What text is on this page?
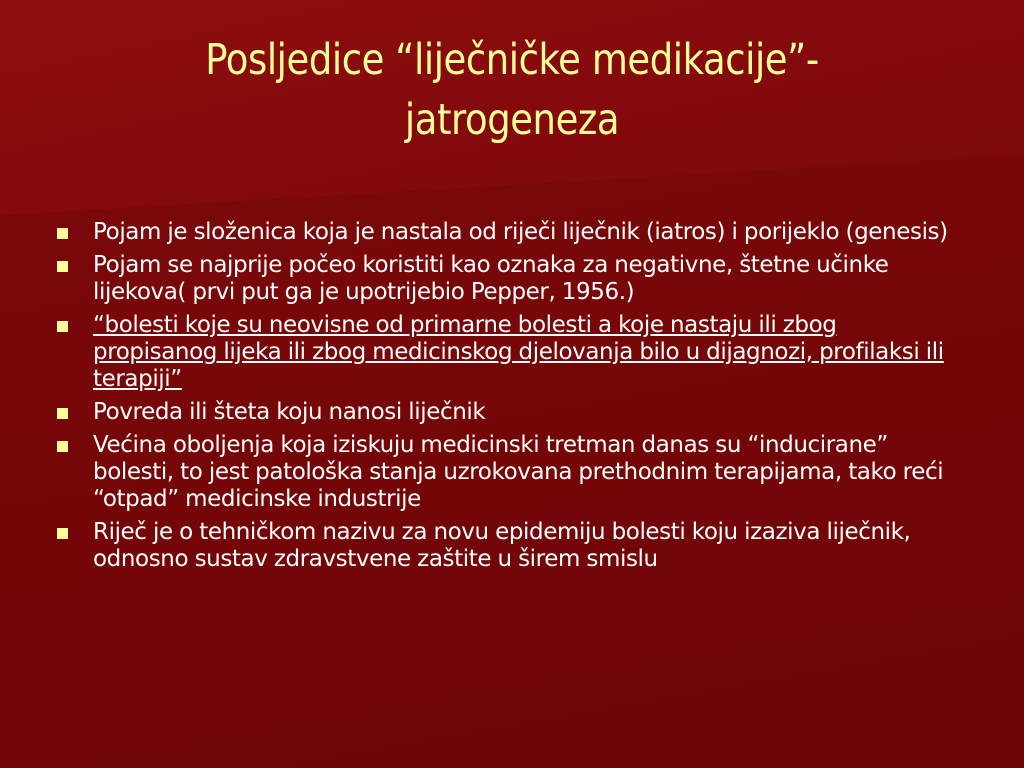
Posljedice “liječničke medikacije”-
jatrogeneza
Pojam je složenica koja je nastala od riječi liječnik (iatros) i porijeklo (genesis)
Pojam se najprije počeo koristiti kao oznaka za negativne, štetne učinke lijekova( prvi put ga je upotrijebio Pepper, 1956.)
“bolesti koje su neovisne od primarne bolesti a koje nastaju ili zbog propisanog lijeka ili zbog medicinskog djelovanja bilo u dijagnozi, profilaksi ili terapiji”
Povreda ili šteta koju nanosi liječnik
Većina oboljenja koja iziskuju medicinski tretman danas su “inducirane” bolesti, to jest patološka stanja uzrokovana prethodnim terapijama, tako reći “otpad” medicinske industrije
Riječ je o tehničkom nazivu za novu epidemiju bolesti koju izaziva liječnik, odnosno sustav zdravstvene zaštite u širem smislu
